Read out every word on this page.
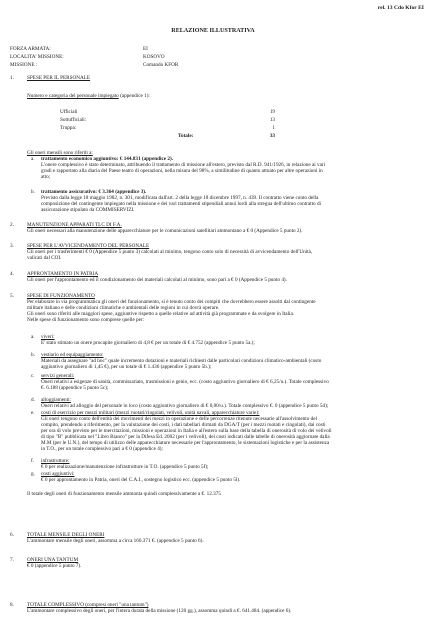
rel. 13 Cdo Kfor EI
RELAZIONE ILLUSTRATIVA
FORZA ARMATA:	EI
LOCALITA' MISSIONE:	KOSOVO
MISSIONE :	Comando KFOR
1.	SPESE PER IL PERSONALE
Numero e categoria del personale impiegato (appendice 1):
Ufficiali	19
Sottufficiali:	13
Truppa:	1
Totale:	33
Gli oneri mensili sono riferiti a:
a. trattamento economico aggiuntivo: € 144.831 (appendice 2).
L'onere complessivo è stato determinato, attribuendo il trattamento di missione all'estero, previsto dal R.D. 941/1926, in relazione ai vari
gradi e rapportato alla diaria del Paese teatro di operazioni, nella misura del 98%, a similitudine di quanto attuato per altre operazioni in
atto;
b. trattamento assicurativo: € 3.364 (appendice 3).
Previsto dalla legge 18 maggio 1982, n. 301, modificata dall'art. 2 della legge 18 dicembre 1997, n. 439. Il contratto viene conto della
composizione del contingente impiegato nella missione e dei vari trattamenti stipendiali annui lordi alla stregua dell'ultimo contratto di
assicurazione stipulato da COMMISERVIZI.
2.	MANUTENZIONE APPARATI TLC DI F.A.
Gli oneri necessari alla manutenzione delle apparecchiature per le comunicazioni satellitari ammontano a € 0 (Appendice 5 punto 2).
3.	SPESE PER L'AVVICENDAMENTO DEL PERSONALE
Gli oneri per i trasferimenti € 0 (Appendice 5 punto 3) calcolati al minimo, tengono conto solo di necessità di avvicendamento dell'Unità,
valicati dal COI.
4.	APPRONTAMENTO IN PATRIA
Gli oneri per l'approntamento ed il condizionamento dei materiali calcolati al minimo, sono pari a € 0 (Appendice 5 punto 4).
5.	SPESE DI FUNZIONAMENTO
Per elaborare in via programmatica gli oneri del funzionamento, si è tenuto conto dei compiti che dovrebbero essere assolti dal contingente
militare italiano e delle condizioni climatiche e ambientali delle regioni in cui dovrà operare.
Gli oneri sono riferiti alle maggiori spese, aggiuntive rispetto a quelle relative ad attività già programmate e da svolgere in Italia.
Nelle spese di funzionamento sono comprese quelle per:
a. viveri:
E' stato stimato un onere procapite giornaliero di 4,8 € per un totale di € 4.752 (appendice 5 punto 5a.);
b. vestiario ed equipaggiamento:
Materiali da assegnare "ad hoc" quale incremento dotazioni e materiali richiesti dalle particolari condizioni climatico-ambientali (costo
aggiuntivo giornaliero di 1,45 €), per un totale di € 1.436 (appendice 5 punto 5b.);
c. servizi generali:
Oneri relativi a esigenze di sanità, commissariato, trasmissioni e genio, ecc. (costo aggiuntivo giornaliero di € 6,25/u.). Totale complessivo
€. 6.188 (appendice 5 punto 5c);
d. alloggiamenti:
Oneri relativi ad alloggio del personale in loco (costo aggiuntivo giornaliero di € 0,00/u.). Totale complessivo €. 0 (appendice 5 punto 5d);
e. costi di esercizio per mezzi militari (mezzi ruotati/cingolati, velivoli, unità navali, apparecchiature varie):
Gli oneri tengono conto dell'entità dei movimenti dei mezzi in operazione e delle percorrenze ritenute necessarie all'assolvimento del
compito, prendendo a riferimento, per la valutazione dei costi, i dati tabellari dirmati da DGA/T (per i mezzi ruotati e cingolati), dai costi
per ora di volo previsto per le mercitazioni, missioni e operazioni in Italia e all'estero sulla base della tabella di onerosità di volo dei velivoli
di tipo "B" pubblicata nel "Libro Bianco" per la Difesa Ed. 2002 (per i velivoli), dei costi indicati dalle tabelle di onerosità aggiornate dalla
M.M (per le U.N.), del tempo di utilizzo delle apparecchiature necessarie per l'approntamento, le sistemazioni logistiche e per la assistenza
in T.O., per un totale complessivo pari a € 0 (appendice 4);
f. infrastrutture:
€ 0 per realizzazione/manutenzione infrastrutture in T.O. (appendice 5 punto 5f);
g. costi aggiuntivi:
€ 0 per approntamento in Patria, oneri del C.A.I., sostegno logistico ecc. (appendice 5 punto 5l).
Il totale degli oneri di funzionamento mensile ammonta quindi complessivamente a €. 12.375
6.	TOTALE MENSILE DEGLI ONERI
L'ammontare mensile degli oneri, assomma a circa 160.371 €. (appendice 5 punto 6).
7.	ONERI UNA TANTUM
€ 0 (appendice 5 punto 7).
8.	TOTALE COMPLESSIVO (compresi oneri "una tantum")
L'ammontare complessivo degli oneri, per l'intera durata della missione (120 gg.), assomma quindi a €. 641.484. (appendice 6).
